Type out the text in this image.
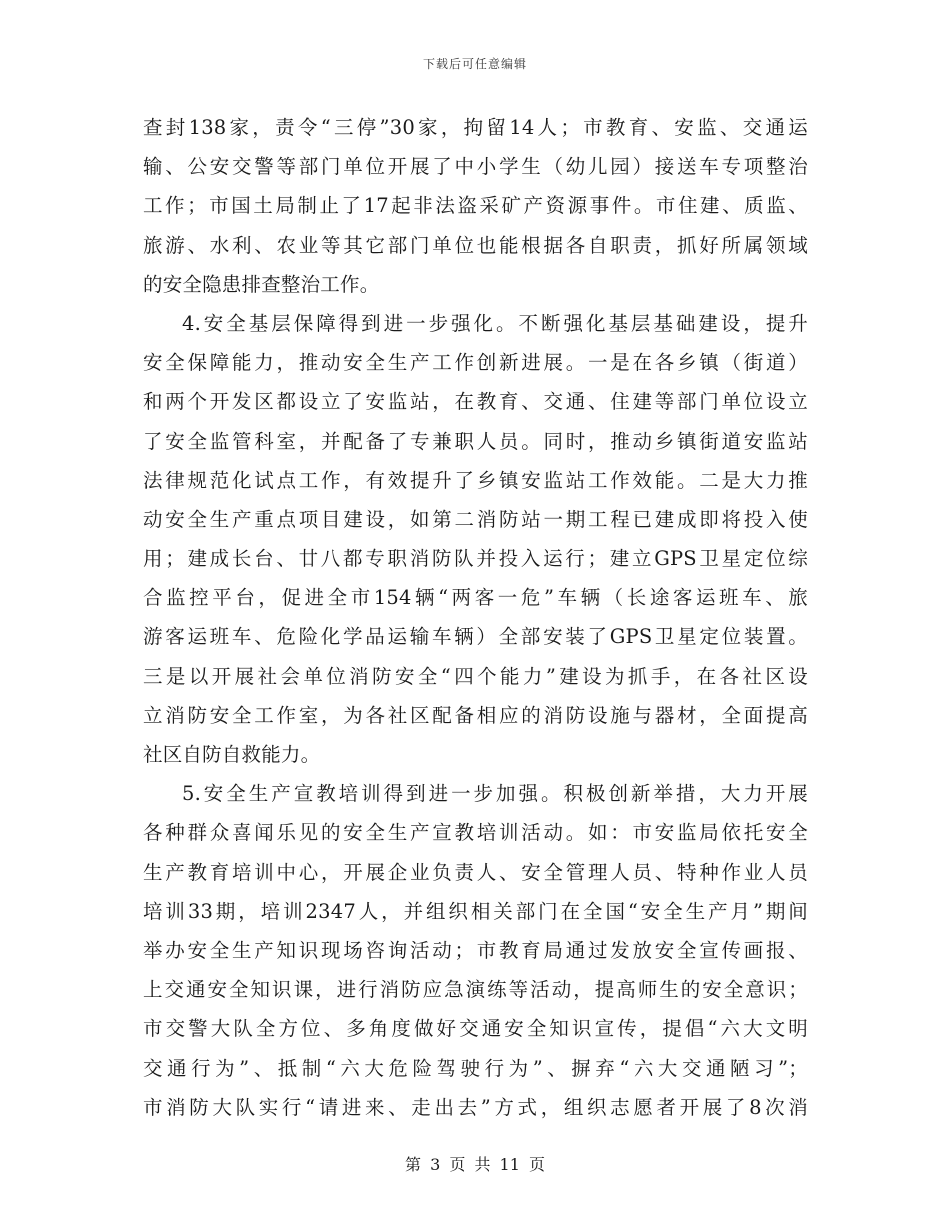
下载后可任意编辑
查封138家，责令“三停”30家，拘留14人；市教育、安监、交通运
输、公安交警等部门单位开展了中小学生（幼儿园）接送车专项整治
工作；市国土局制止了17起非法盗采矿产资源事件。市住建、质监、
旅游、水利、农业等其它部门单位也能根据各自职责，抓好所属领域
的安全隐患排查整治工作。
4.安全基层保障得到进一步强化。不断强化基层基础建设，提升
安全保障能力，推动安全生产工作创新进展。一是在各乡镇（街道）
和两个开发区都设立了安监站，在教育、交通、住建等部门单位设立
了安全监管科室，并配备了专兼职人员。同时，推动乡镇街道安监站
法律规范化试点工作，有效提升了乡镇安监站工作效能。二是大力推
动安全生产重点项目建设，如第二消防站一期工程已建成即将投入使
用；建成长台、廿八都专职消防队并投入运行；建立GPS卫星定位综
合监控平台，促进全市154辆“两客一危”车辆（长途客运班车、旅
游客运班车、危险化学品运输车辆）全部安装了GPS卫星定位装置。
三是以开展社会单位消防安全“四个能力”建设为抓手，在各社区设
立消防安全工作室，为各社区配备相应的消防设施与器材，全面提高
社区自防自救能力。
5.安全生产宣教培训得到进一步加强。积极创新举措，大力开展
各种群众喜闻乐见的安全生产宣教培训活动。如：市安监局依托安全
生产教育培训中心，开展企业负责人、安全管理人员、特种作业人员
培训33期，培训2347人，并组织相关部门在全国“安全生产月”期间
举办安全生产知识现场咨询活动；市教育局通过发放安全宣传画报、
上交通安全知识课，进行消防应急演练等活动，提高师生的安全意识；
市交警大队全方位、多角度做好交通安全知识宣传，提倡“六大文明
交通行为”、抵制“六大危险驾驶行为”、摒弃“六大交通陋习”；
市消防大队实行“请进来、走出去”方式，组织志愿者开展了8次消
第 3 页 共 11 页
